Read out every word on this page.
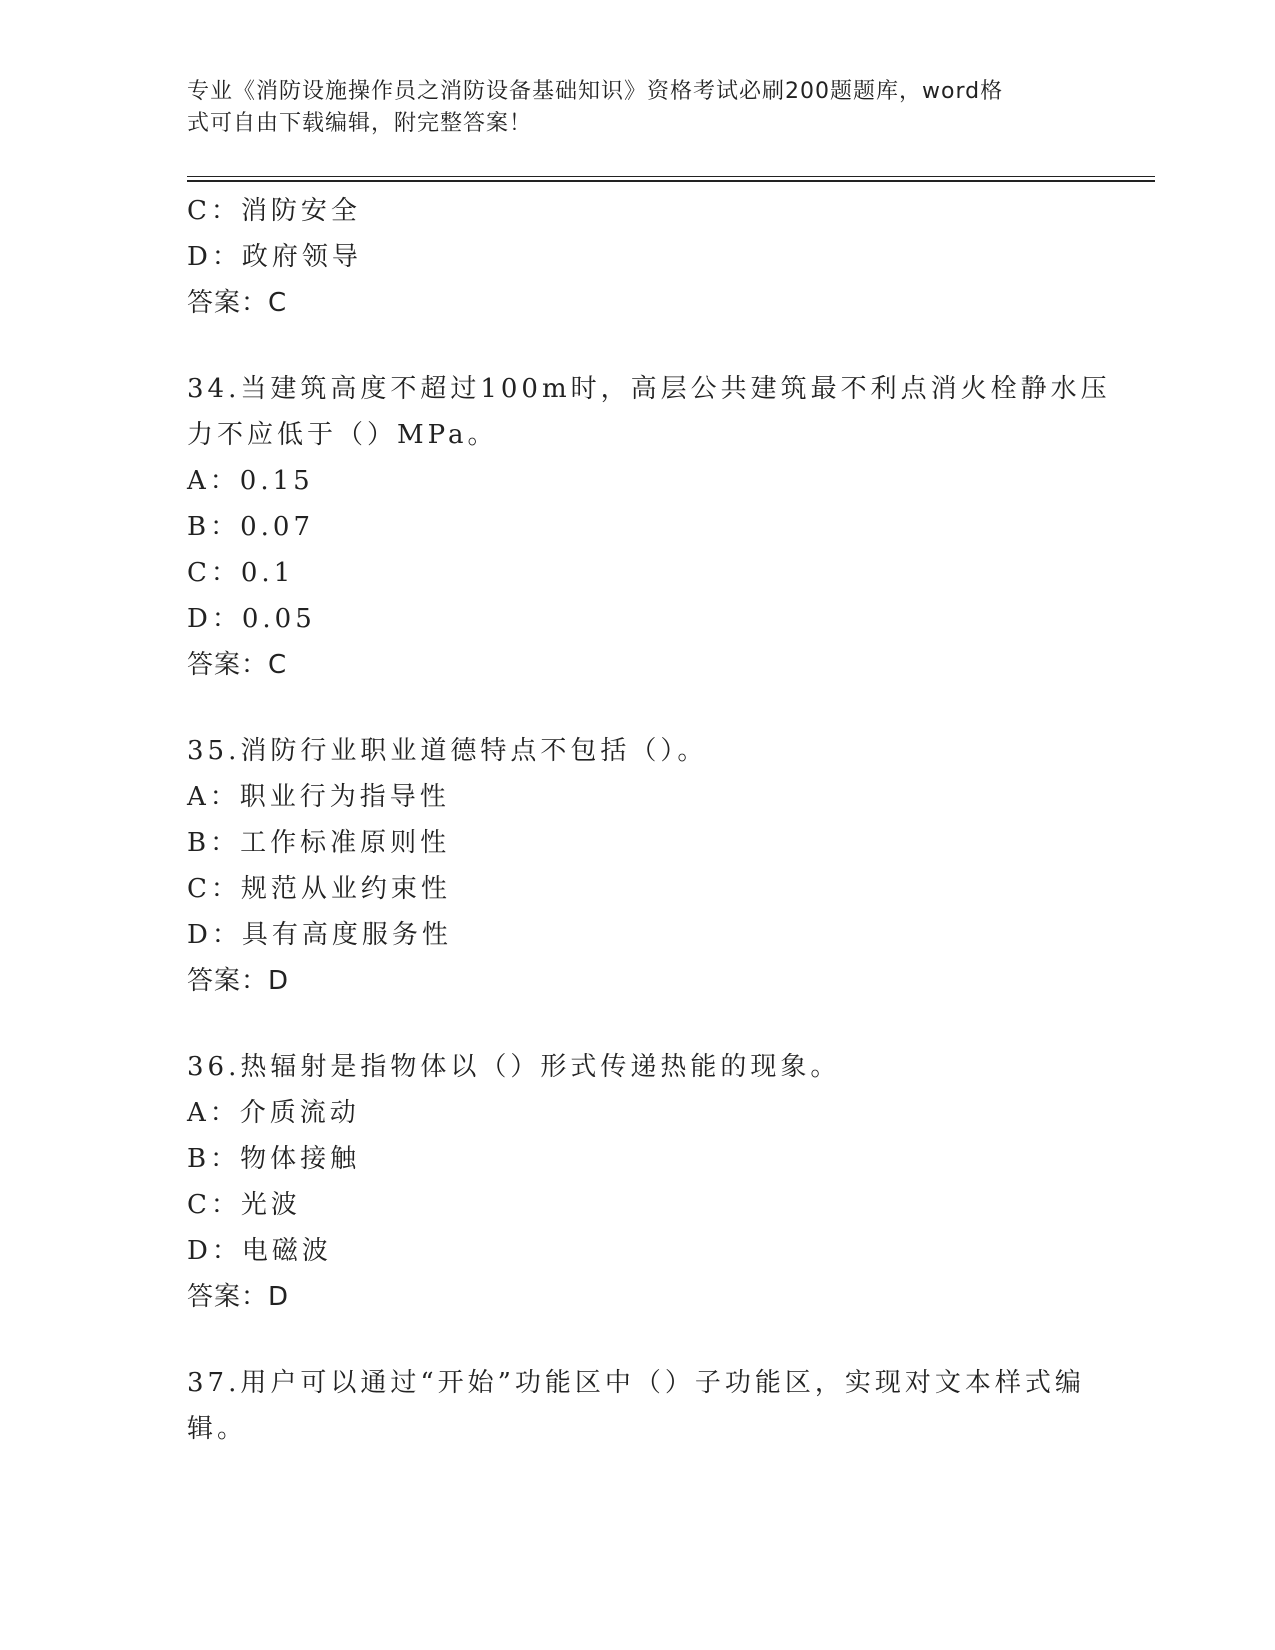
专业《消防设施操作员之消防设备基础知识》资格考试必刷200题题库，word格
式可自由下载编辑，附完整答案！
C：消防安全
D：政府领导
答案：C
34.当建筑高度不超过100m时，高层公共建筑最不利点消火栓静水压
力不应低于（）MPa。
A：0.15
B：0.07
C：0.1
D：0.05
答案：C
35.消防行业职业道德特点不包括（）。
A：职业行为指导性
B：工作标准原则性
C：规范从业约束性
D：具有高度服务性
答案：D
36.热辐射是指物体以（）形式传递热能的现象。
A：介质流动
B：物体接触
C：光波
D：电磁波
答案：D
37.用户可以通过“开始”功能区中（）子功能区，实现对文本样式编
辑。
